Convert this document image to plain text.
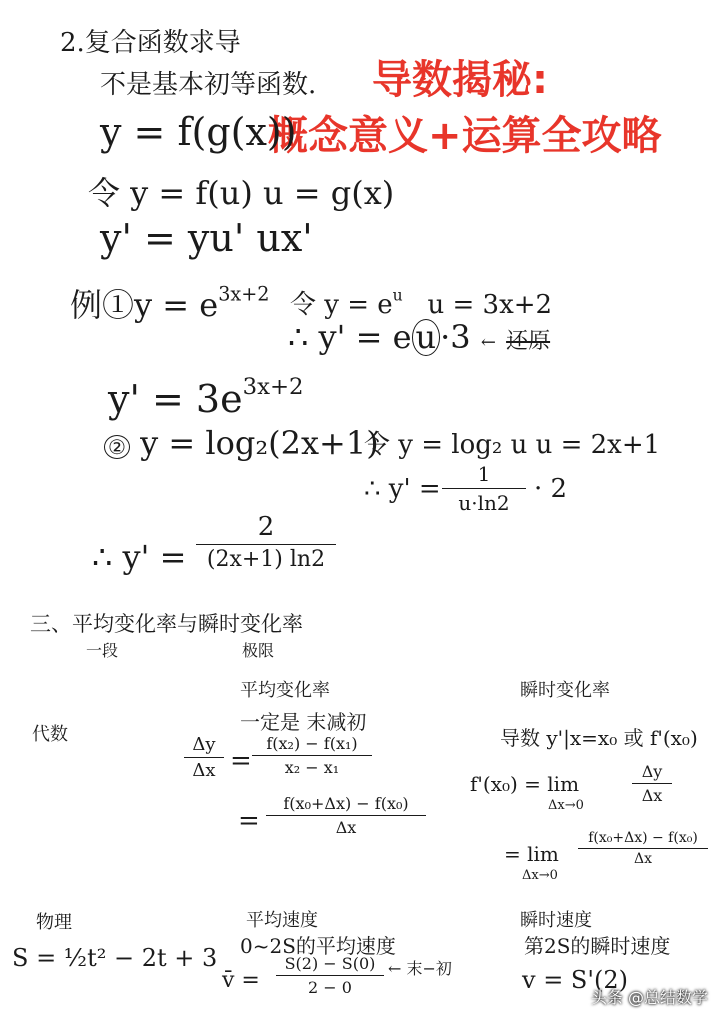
导数揭秘:
概念意义+运算全攻略
2.复合函数求导
不是基本初等函数.
y = f(g(x))
令 y = f(u) u = g(x)
y' = yu' ux'
例①y = $e^{3x+2}$ 令 $y = e^u$ u = 3x+2
∴ y' = e u ·3 ← 还原
$y' = 3e^{3x+2}$
② y = log₂(2x+1)
令 y = log₂ u u = 2x+1
∴ y' =	1
u·ln2 · 2
∴ y' =
2
(2x+1) ln2
三、平均变化率与瞬时变化率
一段	极限
平均变化率	瞬时变化率
代数
一定是 末减初
Δy
Δx =
f(x₂) − f(x₁)
x₂ − x₁
=
f(x₀+Δx) − f(x₀)
Δx
导数 y'|x=x₀ 或 f'(x₀)
f'(x₀) = lim
Δx→0
Δy
Δx
= lim
Δx→0
f(x₀+Δx) − f(x₀)
Δx
物理
S = ½t² − 2t + 3
平均速度
0~2S的平均速度
v̄ =
S(2) − S(0)
2 − 0
← 末−初
瞬时速度
第2S的瞬时速度
v = S'(2)
头条 @总结数学
